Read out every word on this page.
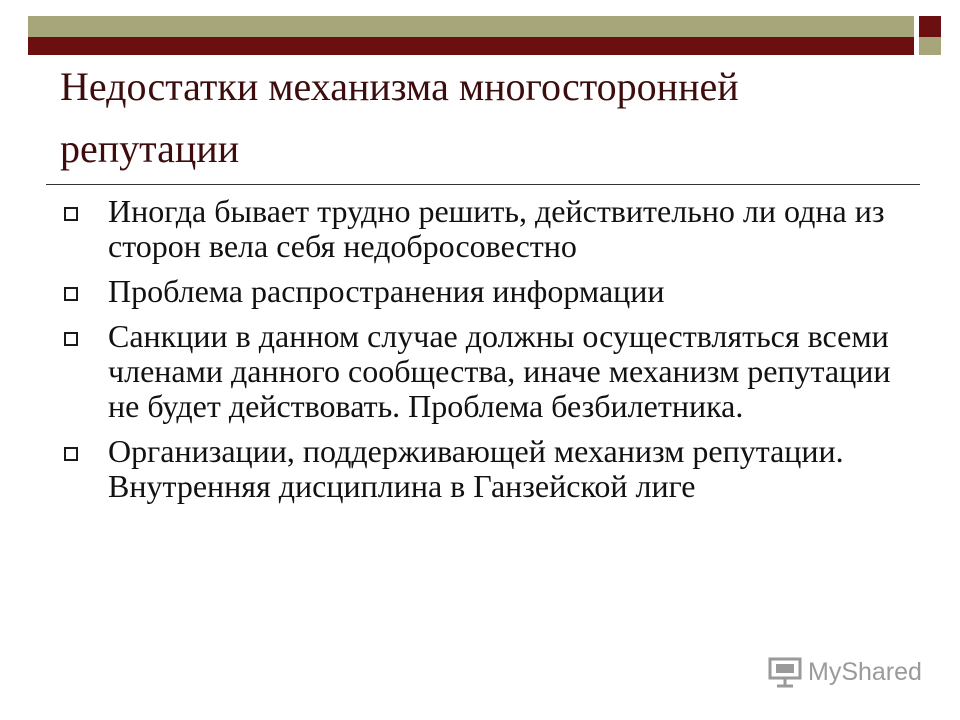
Недостатки механизма многосторонней репутации
Иногда бывает трудно решить, действительно ли одна из сторон вела себя недобросовестно
Проблема распространения информации
Санкции в данном случае должны осуществляться всеми членами данного сообщества, иначе механизм репутации не будет действовать. Проблема безбилетника.
Организации, поддерживающей механизм репутации. Внутренняя дисциплина в Ганзейской лиге
MyShared
